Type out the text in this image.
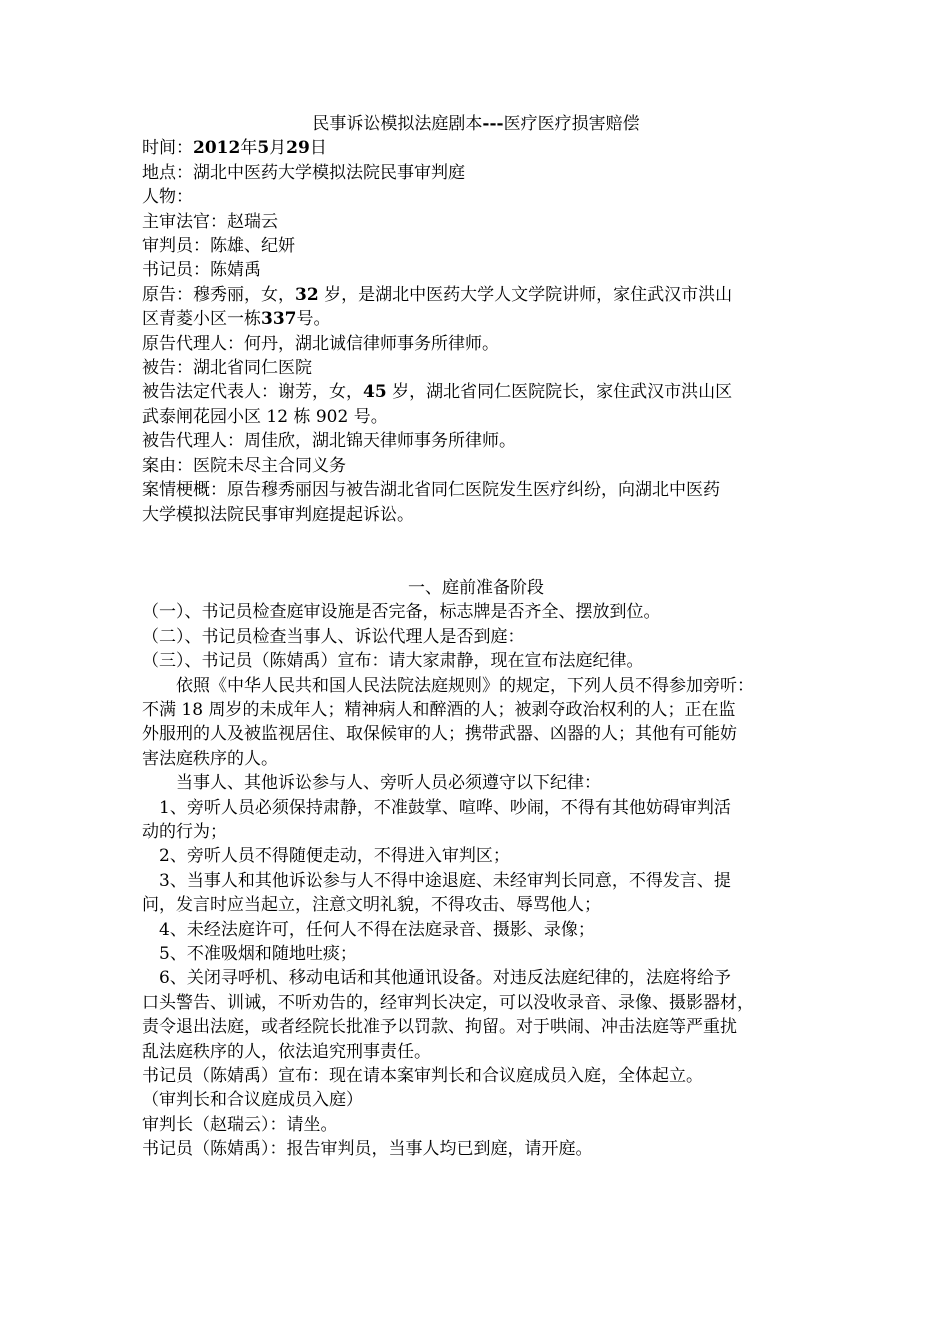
民事诉讼模拟法庭剧本---医疗医疗损害赔偿
时间：2012年5月29日
地点：湖北中医药大学模拟法院民事审判庭
人物：
主审法官：赵瑞云
审判员：陈雄、纪妍
书记员：陈婧禹
原告：穆秀丽，女，32 岁，是湖北中医药大学人文学院讲师，家住武汉市洪山
区青菱小区一栋337号。
原告代理人：何丹，湖北诚信律师事务所律师。
被告：湖北省同仁医院
被告法定代表人：谢芳，女，45 岁，湖北省同仁医院院长，家住武汉市洪山区
武泰闸花园小区 12 栋 902 号。
被告代理人：周佳欣，湖北锦天律师事务所律师。
案由：医院未尽主合同义务
案情梗概：原告穆秀丽因与被告湖北省同仁医院发生医疗纠纷，向湖北中医药
大学模拟法院民事审判庭提起诉讼。
一、庭前准备阶段
（一）、书记员检查庭审设施是否完备，标志牌是否齐全、摆放到位。
（二）、书记员检查当事人、诉讼代理人是否到庭：
（三）、书记员（陈婧禹）宣布：请大家肃静，现在宣布法庭纪律。
依照《中华人民共和国人民法院法庭规则》的规定，下列人员不得参加旁听：
不满 18 周岁的未成年人；精神病人和醉酒的人；被剥夺政治权利的人；正在监
外服刑的人及被监视居住、取保候审的人；携带武器、凶器的人；其他有可能妨
害法庭秩序的人。
当事人、其他诉讼参与人、旁听人员必须遵守以下纪律：
1、旁听人员必须保持肃静，不准鼓掌、喧哗、吵闹，不得有其他妨碍审判活
动的行为；
2、旁听人员不得随便走动，不得进入审判区；
3、当事人和其他诉讼参与人不得中途退庭、未经审判长同意，不得发言、提
问，发言时应当起立，注意文明礼貌，不得攻击、辱骂他人；
4、未经法庭许可，任何人不得在法庭录音、摄影、录像；
5、不准吸烟和随地吐痰；
6、关闭寻呼机、移动电话和其他通讯设备。对违反法庭纪律的，法庭将给予
口头警告、训诫，不听劝告的，经审判长决定，可以没收录音、录像、摄影器材，
责令退出法庭，或者经院长批准予以罚款、拘留。对于哄闹、冲击法庭等严重扰
乱法庭秩序的人，依法追究刑事责任。
书记员（陈婧禹）宣布：现在请本案审判长和合议庭成员入庭，全体起立。
（审判长和合议庭成员入庭）
审判长（赵瑞云）：请坐。
书记员（陈婧禹）：报告审判员，当事人均已到庭，请开庭。
